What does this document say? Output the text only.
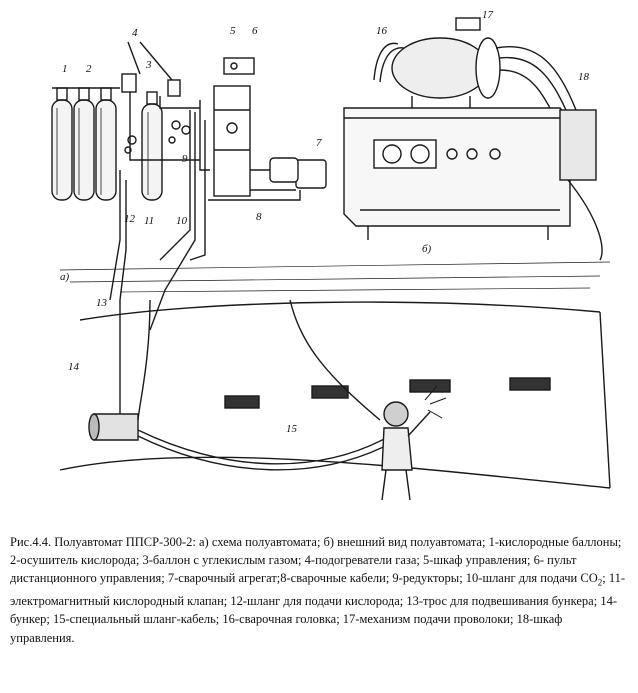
а)
б)
1 2	3
4	5 6
7
8
9
10
11
12
13
14
15
16
17
18
Рис.4.4. Полуавтомат ППСР-300-2: а) схема полуавтомата; б) внешний вид полуавтомата; 1-кислородные баллоны; 2-осушитель кислорода; 3-баллон с углекислым газом; 4-подогреватели газа; 5-шкаф управления; 6- пульт дистанционного управления; 7-сварочный агрегат;8-сварочные кабели; 9-редукторы; 10-шланг для подачи $СО_2$; 11-электромагнитный кислородный клапан; 12-шланг для подачи кислорода; 13-трос для подвешивания бункера; 14-бункер; 15-специальный шланг-кабель; 16-сварочная головка; 17-механизм подачи проволоки; 18-шкаф управления.
